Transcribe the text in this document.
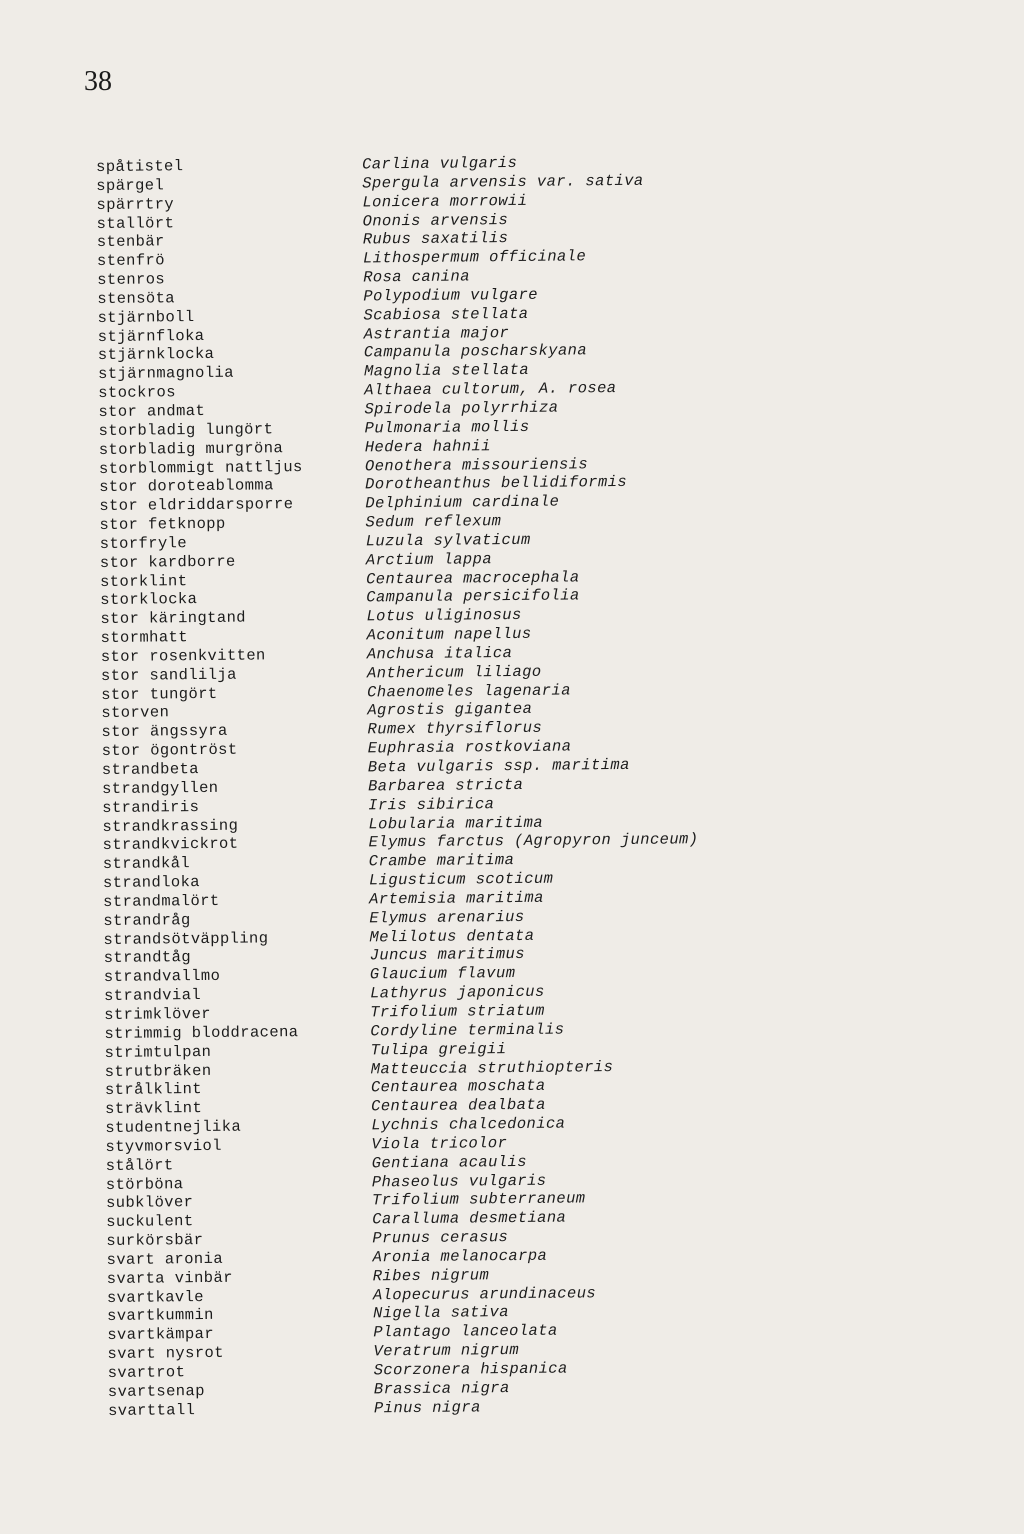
38

spåtistel	Carlina vulgaris
spärgel	Spergula arvensis var. sativa
spärrtry	Lonicera morrowii
stallört	Ononis arvensis
stenbär	Rubus saxatilis
stenfrö	Lithospermum officinale
stenros	Rosa canina
stensöta	Polypodium vulgare
stjärnboll	Scabiosa stellata
stjärnfloka	Astrantia major
stjärnklocka	Campanula poscharskyana
stjärnmagnolia	Magnolia stellata
stockros	Althaea cultorum, A. rosea
stor andmat	Spirodela polyrrhiza
storbladig lungört	Pulmonaria mollis
storbladig murgröna	Hedera hahnii
storblommigt nattljus	Oenothera missouriensis
stor doroteablomma	Dorotheanthus bellidiformis
stor eldriddarsporre	Delphinium cardinale
stor fetknopp	Sedum reflexum
storfryle	Luzula sylvaticum
stor kardborre	Arctium lappa
storklint	Centaurea macrocephala
storklocka	Campanula persicifolia
stor käringtand	Lotus uliginosus
stormhatt	Aconitum napellus
stor rosenkvitten	Anchusa italica
stor sandlilja	Anthericum liliago
stor tungört	Chaenomeles lagenaria
storven	Agrostis gigantea
stor ängssyra	Rumex thyrsiflorus
stor ögontröst	Euphrasia rostkoviana
strandbeta	Beta vulgaris ssp. maritima
strandgyllen	Barbarea stricta
strandiris	Iris sibirica
strandkrassing	Lobularia maritima
strandkvickrot	Elymus farctus (Agropyron junceum)
strandkål	Crambe maritima
strandloka	Ligusticum scoticum
strandmalört	Artemisia maritima
strandråg	Elymus arenarius
strandsötväppling	Melilotus dentata
strandtåg	Juncus maritimus
strandvallmo	Glaucium flavum
strandvial	Lathyrus japonicus
strimklöver	Trifolium striatum
strimmig bloddracena	Cordyline terminalis
strimtulpan	Tulipa greigii
strutbräken	Matteuccia struthiopteris
strålklint	Centaurea moschata
strävklint	Centaurea dealbata
studentnejlika	Lychnis chalcedonica
styvmorsviol	Viola tricolor
stålört	Gentiana acaulis
störböna	Phaseolus vulgaris
subklöver	Trifolium subterraneum
suckulent	Caralluma desmetiana
surkörsbär	Prunus cerasus
svart aronia	Aronia melanocarpa
svarta vinbär	Ribes nigrum
svartkavle	Alopecurus arundinaceus
svartkummin	Nigella sativa
svartkämpar	Plantago lanceolata
svart nysrot	Veratrum nigrum
svartrot	Scorzonera hispanica
svartsenap	Brassica nigra
svarttall	Pinus nigra
